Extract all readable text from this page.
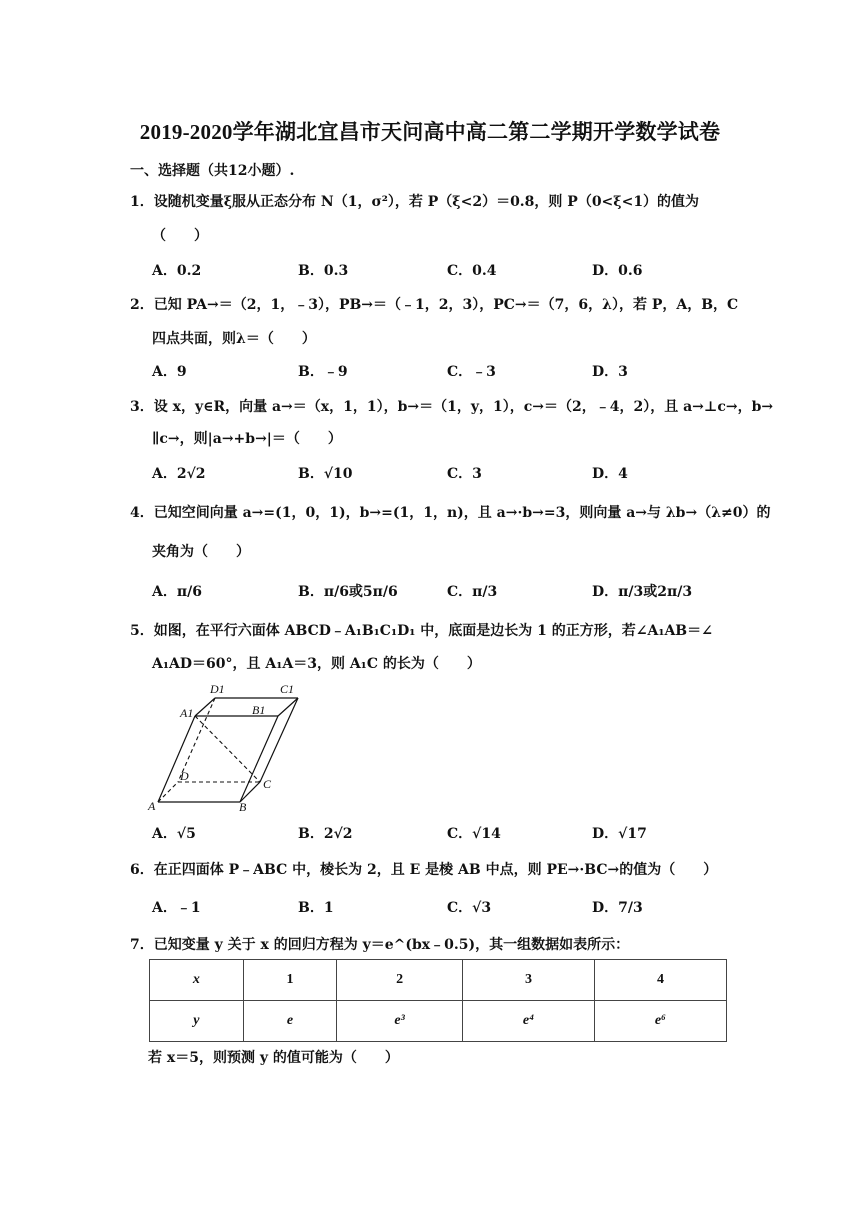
2019-2020学年湖北宜昌市天问高中高二第二学期开学数学试卷
一、选择题（共12小题）.
1．设随机变量ξ服从正态分布 N（1，σ²），若 P（ξ<2）＝0.8，则 P（0<ξ<1）的值为
（　　）
A．0.2	B．0.3	C．0.4	D．0.6
2．已知 PA→＝（2，1，﹣3），PB→＝（﹣1，2，3），PC→＝（7，6，λ），若 P，A，B，C
四点共面，则λ＝（　　）
A．9	B．﹣9	C．﹣3	D．3
3．设 x，y∈R，向量 a→＝（x，1，1），b→＝（1，y，1），c→＝（2，﹣4，2），且 a→⊥c→，b→
∥c→，则|a→+b→|＝（　　）
A．2√2	B．√10	C．3	D．4
4．已知空间向量 a→=(1，0，1)，b→=(1，1，n)，且 a→·b→=3，则向量 a→与 λb→（λ≠0）的
夹角为（　　）
A．π/6	B．π/6或5π/6	C．π/3	D．π/3或2π/3
5．如图，在平行六面体 ABCD﹣A₁B₁C₁D₁ 中，底面是边长为 1 的正方形，若∠A₁AB＝∠
A₁AD＝60°，且 A₁A＝3，则 A₁C 的长为（　　）
D1	C1
A1	B1
D
C
A	B
A．√5	B．2√2	C．√14	D．√17
6．在正四面体 P﹣ABC 中，棱长为 2，且 E 是棱 AB 中点，则 PE→·BC→的值为（　　）
A．﹣1	B．1	C．√3	D．7/3
7．已知变量 y 关于 x 的回归方程为 y＝e^(bx﹣0.5)，其一组数据如表所示：
x	1	2	3	4
y	e	e³	e⁴	e⁶
若 x＝5，则预测 y 的值可能为（　　）
